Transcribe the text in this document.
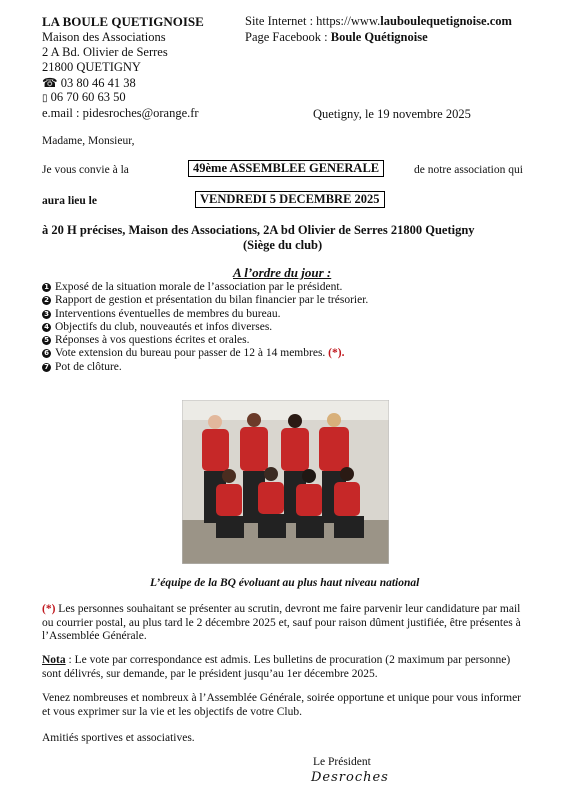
LA BOULE QUETIGNOISE
Maison des Associations
2 A Bd. Olivier de Serres
21800 QUETIGNY
☎ 03 80 46 41 38
▯ 06 70 60 63 50
e.mail : pidesroches@orange.fr
Site Internet : https://www.lauboulequetignoise.com
Page Facebook : Boule Quétignoise
Quetigny, le 19 novembre 2025
Madame, Monsieur,
Je vous convie à la	49ème ASSEMBLEE GENERALE	de notre association qui
aura lieu le	VENDREDI 5 DECEMBRE 2025
à 20 H précises, Maison des Associations, 2A bd Olivier de Serres 21800 Quetigny
(Siège du club)
A l’ordre du jour :
1 Exposé de la situation morale de l’association par le président.
2 Rapport de gestion et présentation du bilan financier par le trésorier.
3 Interventions éventuelles de membres du bureau.
4 Objectifs du club, nouveautés et infos diverses.
5 Réponses à vos questions écrites et orales.
6 Vote extension du bureau pour passer de 12 à 14 membres. (*).
7 Pot de clôture.
L’équipe de la BQ évoluant au plus haut niveau national
(*) Les personnes souhaitant se présenter au scrutin, devront me faire parvenir leur candidature par mail ou courrier postal, au plus tard le 2 décembre 2025 et, sauf pour raison dûment justifiée, être présentes à l’Assemblée Générale.
Nota : Le vote par correspondance est admis. Les bulletins de procuration (2 maximum par personne) sont délivrés, sur demande, par le président jusqu’au 1er décembre 2025.
Venez nombreuses et nombreux à l’Assemblée Générale, soirée opportune et unique pour vous informer et vous exprimer sur la vie et les objectifs de votre Club.
Amitiés sportives et associatives.
Le Président
Desroches
